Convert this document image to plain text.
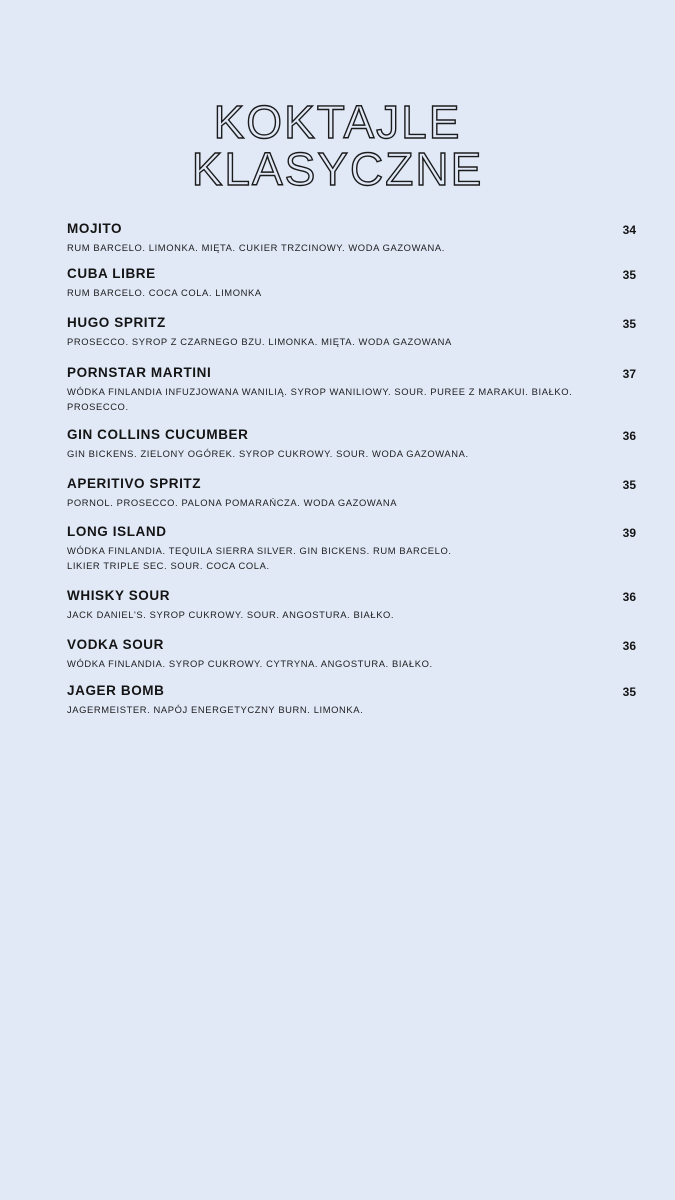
KOKTAJLE
KLASYCZNE
MOJITO	34
RUM BARCELO. LIMONKA. MIĘTA. CUKIER TRZCINOWY. WODA GAZOWANA.
CUBA LIBRE	35
RUM BARCELO. COCA COLA. LIMONKA
HUGO SPRITZ	35
PROSECCO. SYROP Z CZARNEGO BZU. LIMONKA. MIĘTA. WODA GAZOWANA
PORNSTAR MARTINI	37
WÓDKA FINLANDIA INFUZJOWANA WANILIĄ. SYROP WANILIOWY. SOUR. PUREE Z MARAKUI. BIAŁKO. PROSECCO.
GIN COLLINS CUCUMBER	36
GIN BICKENS. ZIELONY OGÓREK. SYROP CUKROWY. SOUR. WODA GAZOWANA.
APERITIVO SPRITZ	35
PORNOL. PROSECCO. PALONA POMARAŃCZA. WODA GAZOWANA
LONG ISLAND	39
WÓDKA FINLANDIA. TEQUILA SIERRA SILVER. GIN BICKENS. RUM BARCELO.
LIKIER TRIPLE SEC. SOUR. COCA COLA.
WHISKY SOUR	36
JACK DANIEL'S. SYROP CUKROWY. SOUR. ANGOSTURA. BIAŁKO.
VODKA SOUR	36
WÓDKA FINLANDIA. SYROP CUKROWY. CYTRYNA. ANGOSTURA. BIAŁKO.
JAGER BOMB	35
JAGERMEISTER. NAPÓJ ENERGETYCZNY BURN. LIMONKA.
